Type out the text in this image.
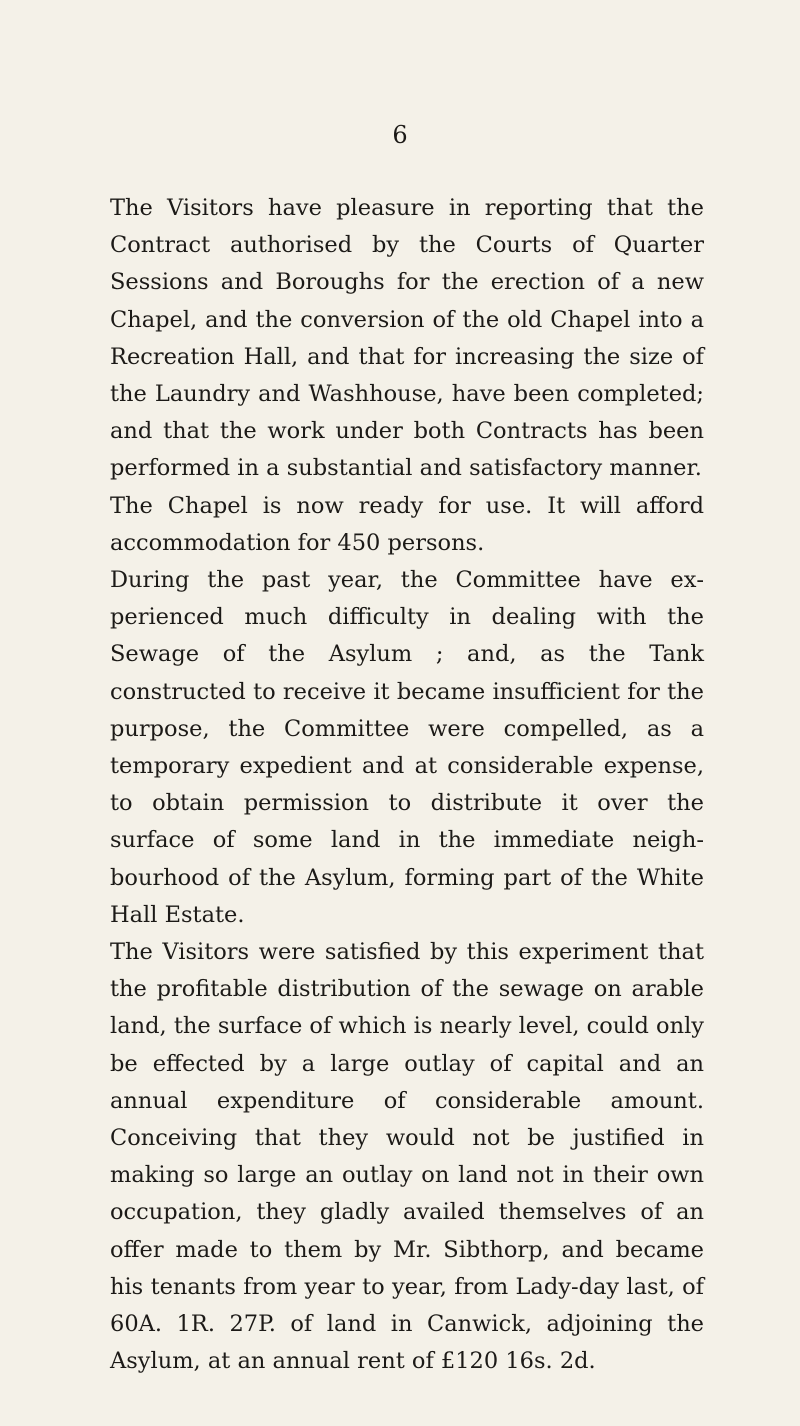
6

The Visitors have pleasure in reporting that the Contract authorised by the Courts of Quarter Sessions and Boroughs for the erection of a new Chapel, and the conversion of the old Chapel into a Recreation Hall, and that for increasing the size of the Laundry and Washhouse, have been completed; and that the work under both Contracts has been performed in a substantial and satisfactory manner.

The Chapel is now ready for use. It will afford accommodation for 450 persons.

During the past year, the Committee have experienced much difficulty in dealing with the Sewage of the Asylum ; and, as the Tank constructed to receive it became insufficient for the purpose, the Committee were compelled, as a temporary expedient and at considerable expense, to obtain permission to distribute it over the surface of some land in the immediate neighbourhood of the Asylum, forming part of the White Hall Estate.

The Visitors were satisfied by this experiment that the profitable distribution of the sewage on arable land, the surface of which is nearly level, could only be effected by a large outlay of capital and an annual expenditure of considerable amount. Conceiving that they would not be justified in making so large an outlay on land not in their own occupation, they gladly availed themselves of an offer made to them by Mr. Sibthorp, and became his tenants from year to year, from Lady-day last, of 60A. 1R. 27P. of land in Canwick, adjoining the Asylum, at an annual rent of £120 16s. 2d.
